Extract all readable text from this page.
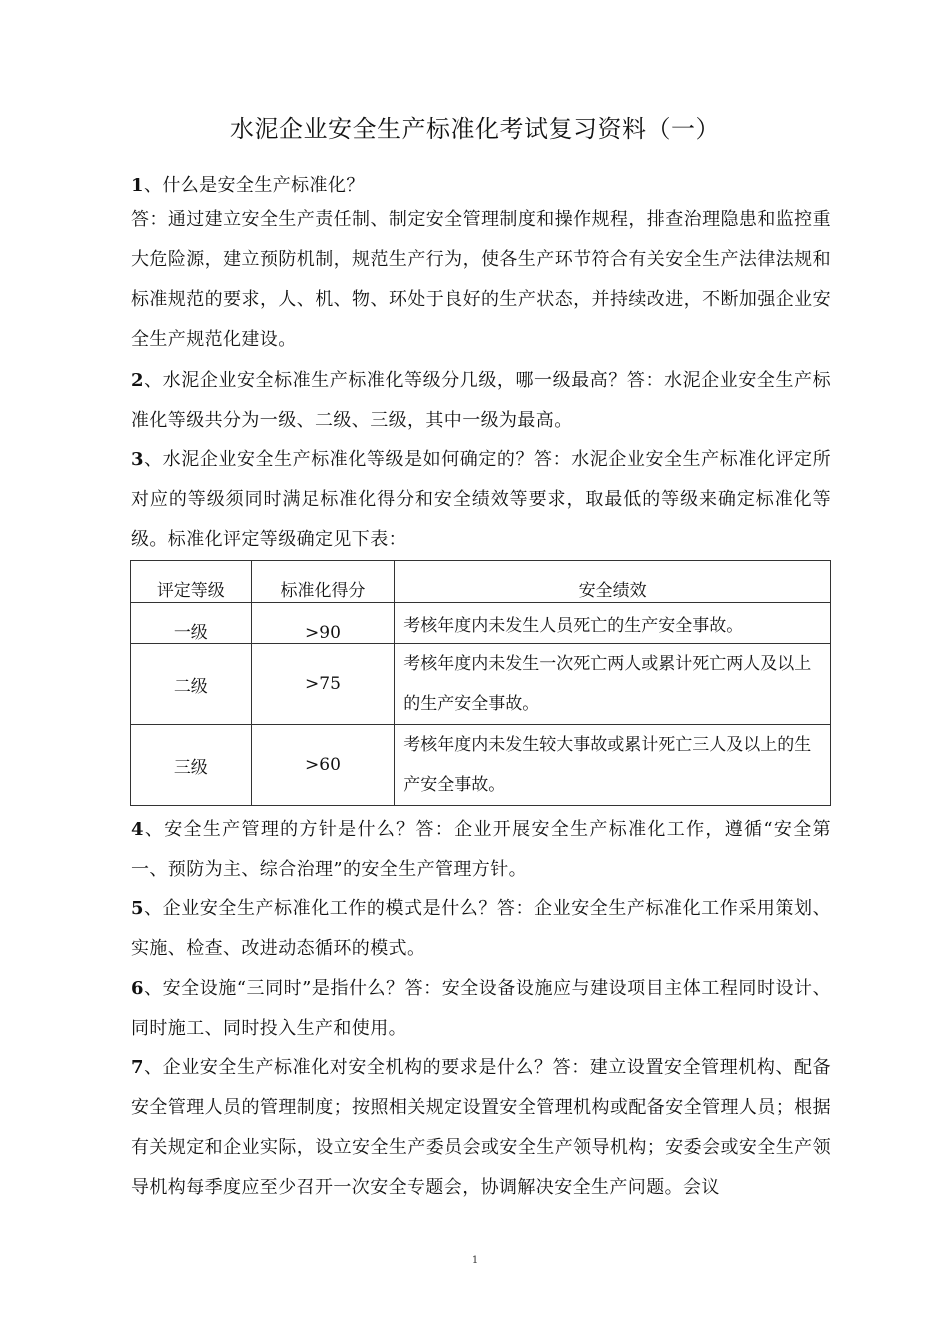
水泥企业安全生产标准化考试复习资料（一）
1、什么是安全生产标准化？
答：通过建立安全生产责任制、制定安全管理制度和操作规程，排查治理隐患和监控重大危险源，建立预防机制，规范生产行为，使各生产环节符合有关安全生产法律法规和标准规范的要求，人、机、物、环处于良好的生产状态，并持续改进，不断加强企业安全生产规范化建设。
2、水泥企业安全标准生产标准化等级分几级，哪一级最高？答：水泥企业安全生产标准化等级共分为一级、二级、三级，其中一级为最高。
3、水泥企业安全生产标准化等级是如何确定的？答：水泥企业安全生产标准化评定所对应的等级须同时满足标准化得分和安全绩效等要求，取最低的等级来确定标准化等级。标准化评定等级确定见下表：
评定等级	标准化得分	安全绩效
一级	>90	考核年度内未发生人员死亡的生产安全事故。
二级	>75	考核年度内未发生一次死亡两人或累计死亡两人及以上的生产安全事故。
三级	>60	考核年度内未发生较大事故或累计死亡三人及以上的生产安全事故。
4、安全生产管理的方针是什么？答：企业开展安全生产标准化工作，遵循“安全第一、预防为主、综合治理”的安全生产管理方针。
5、企业安全生产标准化工作的模式是什么？答：企业安全生产标准化工作采用策划、实施、检查、改进动态循环的模式。
6、安全设施“三同时”是指什么？答：安全设备设施应与建设项目主体工程同时设计、同时施工、同时投入生产和使用。
7、企业安全生产标准化对安全机构的要求是什么？答：建立设置安全管理机构、配备安全管理人员的管理制度；按照相关规定设置安全管理机构或配备安全管理人员；根据有关规定和企业实际，设立安全生产委员会或安全生产领导机构；安委会或安全生产领导机构每季度应至少召开一次安全专题会，协调解决安全生产问题。会议
1
